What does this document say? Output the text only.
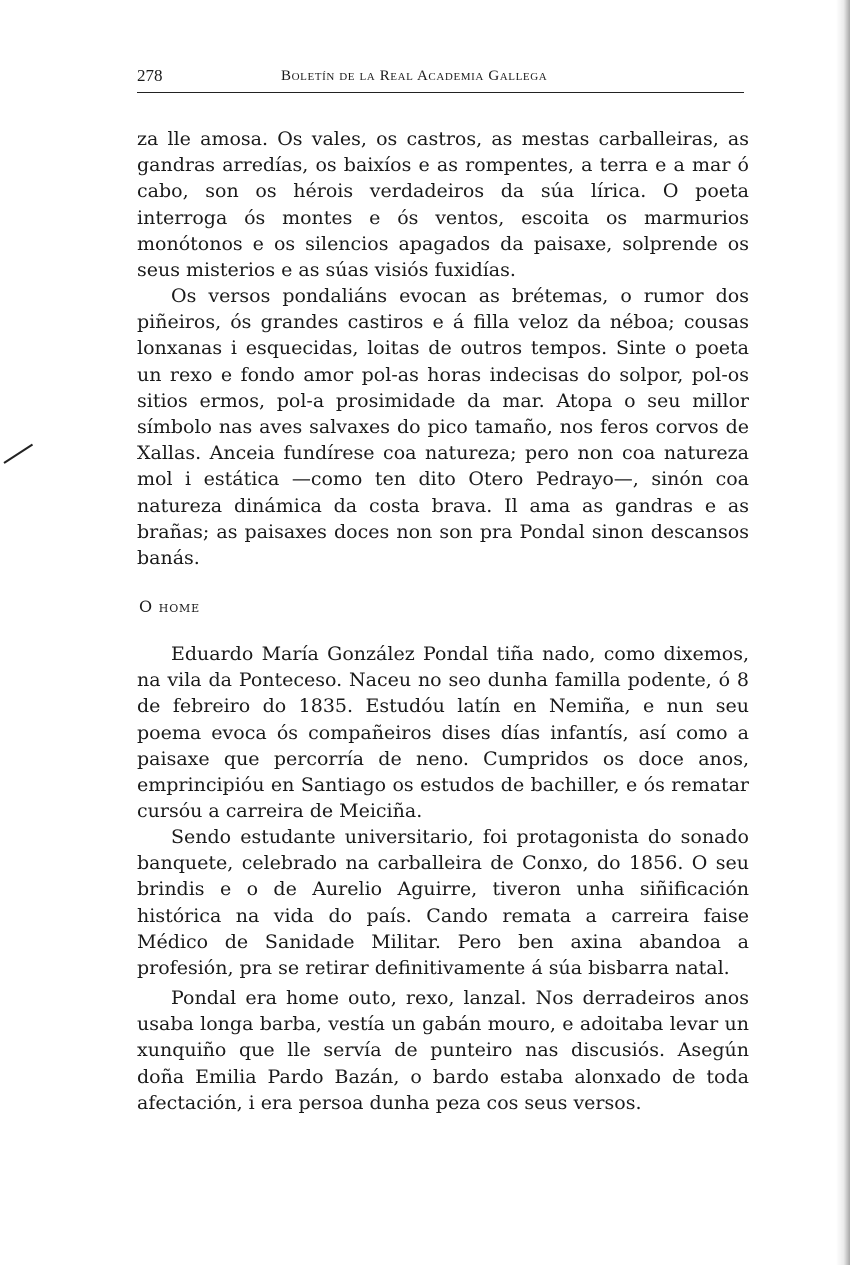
278	Boletín de la Real Academia Gallega

za lle amosa. Os vales, os castros, as mestas carballeiras, as gandras arredías, os baixíos e as rompentes, a terra e a mar ó cabo, son os hérois verdadeiros da súa lírica. O poeta interroga ós montes e ós ventos, escoita os marmurios monótonos e os silencios apagados da paisaxe, solprende os seus misterios e as súas visiós fuxidías.

Os versos pondaliáns evocan as brétemas, o rumor dos piñeiros, ós grandes castiros e á filla veloz da néboa; cousas lonxanas i esquecidas, loitas de outros tempos. Sinte o poeta un rexo e fondo amor pol-as horas indecisas do solpor, pol-os sitios ermos, pol-a prosimidade da mar. Atopa o seu millor símbolo nas aves salvaxes do pico tamaño, nos feros corvos de Xallas. Anceia fundírese coa natureza; pero non coa natureza mol i estática —como ten dito Otero Pedrayo—, sinón coa natureza dinámica da costa brava. Il ama as gandras e as brañas; as paisaxes doces non son pra Pondal sinon descansos banás.

O home

Eduardo María González Pondal tiña nado, como dixemos, na vila da Ponteceso. Naceu no seo dunha familla podente, ó 8 de febreiro do 1835. Estudóu latín en Nemiña, e nun seu poema evoca ós compañeiros dises días infantís, así como a paisaxe que percorría de neno. Cumpridos os doce anos, emprincipióu en Santiago os estudos de bachiller, e ós rematar cursóu a carreira de Meiciña.

Sendo estudante universitario, foi protagonista do sonado banquete, celebrado na carballeira de Conxo, do 1856. O seu brindis e o de Aurelio Aguirre, tiveron unha siñificación histórica na vida do país. Cando remata a carreira faise Médico de Sanidade Militar. Pero ben axina abandoa a profesión, pra se retirar definitivamente á súa bisbarra natal.

Pondal era home outo, rexo, lanzal. Nos derradeiros anos usaba longa barba, vestía un gabán mouro, e adoitaba levar un xunquiño que lle servía de punteiro nas discusiós. Asegún doña Emilia Pardo Bazán, o bardo estaba alonxado de toda afectación, i era persoa dunha peza cos seus versos.
